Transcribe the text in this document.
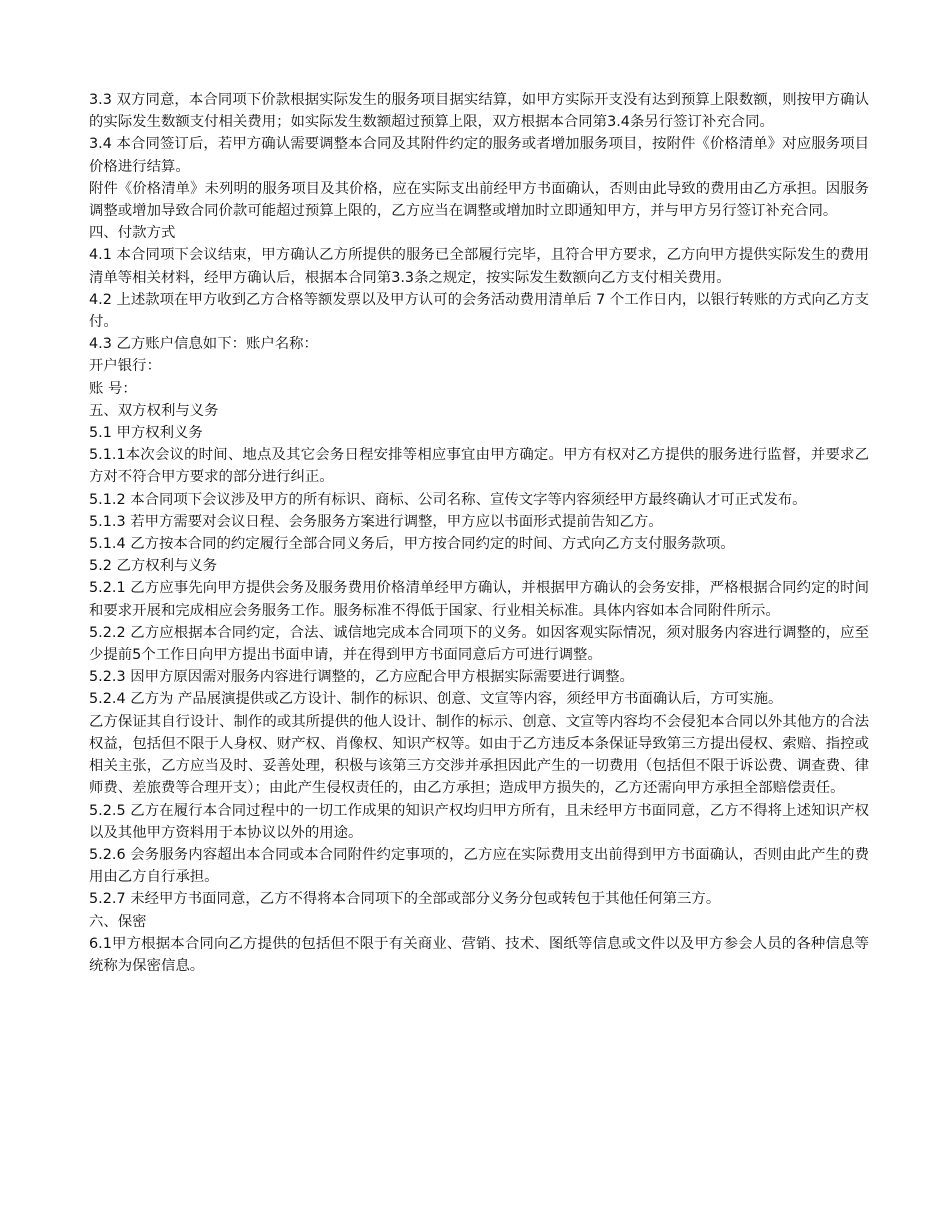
3.3 双方同意，本合同项下价款根据实际发生的服务项目据实结算，如甲方实际开支没有达到预算上限数额，则按甲方确认的实际发生数额支付相关费用；如实际发生数额超过预算上限，双方根据本合同第3.4条另行签订补充合同。

3.4 本合同签订后，若甲方确认需要调整本合同及其附件约定的服务或者增加服务项目，按附件《价格清单》对应服务项目价格进行结算。

附件《价格清单》未列明的服务项目及其价格，应在实际支出前经甲方书面确认，否则由此导致的费用由乙方承担。因服务调整或增加导致合同价款可能超过预算上限的，乙方应当在调整或增加时立即通知甲方，并与甲方另行签订补充合同。

四、付款方式

4.1 本合同项下会议结束，甲方确认乙方所提供的服务已全部履行完毕，且符合甲方要求，乙方向甲方提供实际发生的费用清单等相关材料，经甲方确认后，根据本合同第3.3条之规定，按实际发生数额向乙方支付相关费用。

4.2 上述款项在甲方收到乙方合格等额发票以及甲方认可的会务活动费用清单后 7 个工作日内，以银行转账的方式向乙方支付。

4.3 乙方账户信息如下：账户名称：

开户银行：

账 号：

五、双方权利与义务

5.1 甲方权利义务

5.1.1本次会议的时间、地点及其它会务日程安排等相应事宜由甲方确定。甲方有权对乙方提供的服务进行监督，并要求乙方对不符合甲方要求的部分进行纠正。

5.1.2 本合同项下会议涉及甲方的所有标识、商标、公司名称、宣传文字等内容须经甲方最终确认才可正式发布。

5.1.3 若甲方需要对会议日程、会务服务方案进行调整，甲方应以书面形式提前告知乙方。

5.1.4 乙方按本合同的约定履行全部合同义务后，甲方按合同约定的时间、方式向乙方支付服务款项。

5.2 乙方权利与义务

5.2.1 乙方应事先向甲方提供会务及服务费用价格清单经甲方确认，并根据甲方确认的会务安排，严格根据合同约定的时间和要求开展和完成相应会务服务工作。服务标准不得低于国家、行业相关标准。具体内容如本合同附件所示。

5.2.2 乙方应根据本合同约定，合法、诚信地完成本合同项下的义务。如因客观实际情况，须对服务内容进行调整的，应至少提前5个工作日向甲方提出书面申请，并在得到甲方书面同意后方可进行调整。

5.2.3 因甲方原因需对服务内容进行调整的，乙方应配合甲方根据实际需要进行调整。

5.2.4 乙方为 产品展演提供或乙方设计、制作的标识、创意、文宣等内容，须经甲方书面确认后，方可实施。

乙方保证其自行设计、制作的或其所提供的他人设计、制作的标示、创意、文宣等内容均不会侵犯本合同以外其他方的合法权益，包括但不限于人身权、财产权、肖像权、知识产权等。如由于乙方违反本条保证导致第三方提出侵权、索赔、指控或相关主张，乙方应当及时、妥善处理，积极与该第三方交涉并承担因此产生的一切费用（包括但不限于诉讼费、调查费、律师费、差旅费等合理开支）；由此产生侵权责任的，由乙方承担；造成甲方损失的，乙方还需向甲方承担全部赔偿责任。

5.2.5 乙方在履行本合同过程中的一切工作成果的知识产权均归甲方所有，且未经甲方书面同意，乙方不得将上述知识产权以及其他甲方资料用于本协议以外的用途。

5.2.6 会务服务内容超出本合同或本合同附件约定事项的，乙方应在实际费用支出前得到甲方书面确认，否则由此产生的费用由乙方自行承担。

5.2.7 未经甲方书面同意，乙方不得将本合同项下的全部或部分义务分包或转包于其他任何第三方。

六、保密

6.1甲方根据本合同向乙方提供的包括但不限于有关商业、营销、技术、图纸等信息或文件以及甲方参会人员的各种信息等统称为保密信息。
